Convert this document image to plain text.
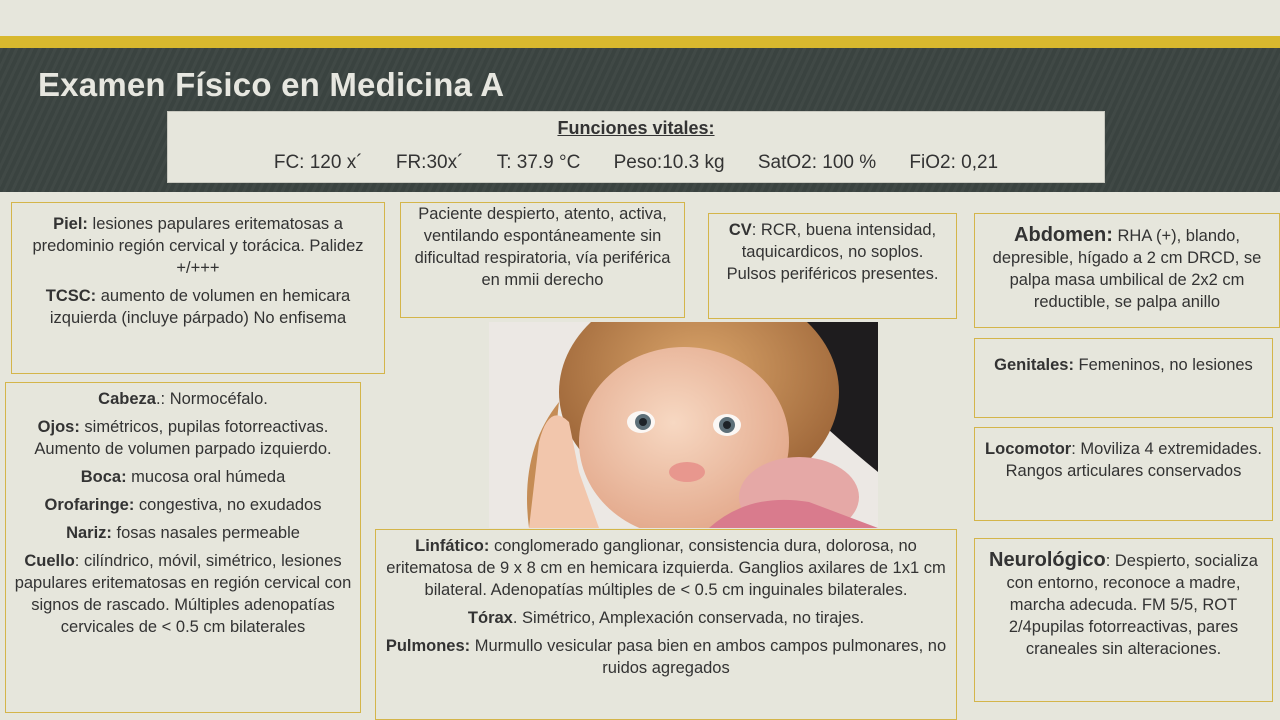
Examen Físico en Medicina A
Funciones vitales:
FC: 120 x´ FR:30x´ T: 37.9 °C Peso:10.3 kg SatO2: 100 % FiO2: 0,21

Piel: lesiones papulares eritematosas a predominio región cervical y torácica. Palidez +/+++

TCSC: aumento de volumen en hemicara izquierda (incluye párpado) No enfisema

Paciente despierto, atento, activa, ventilando espontáneamente sin dificultad respiratoria, vía periférica en mmii derecho

CV: RCR, buena intensidad, taquicardicos, no soplos. Pulsos periféricos presentes.

Abdomen: RHA (+), blando, depresible, hígado a 2 cm DRCD, se palpa masa umbilical de 2x2 cm reductible, se palpa anillo

Genitales: Femeninos, no lesiones

Cabeza.: Normocéfalo.

Ojos: simétricos, pupilas fotorreactivas. Aumento de volumen parpado izquierdo.

Boca: mucosa oral húmeda

Orofaringe: congestiva, no exudados

Nariz: fosas nasales permeable

Cuello: cilíndrico, móvil, simétrico, lesiones papulares eritematosas en región cervical con signos de rascado. Múltiples adenopatías cervicales de < 0.5 cm bilaterales

Locomotor: Moviliza 4 extremidades. Rangos articulares conservados

Linfático: conglomerado ganglionar, consistencia dura, dolorosa, no eritematosa de 9 x 8 cm en hemicara izquierda. Ganglios axilares de 1x1 cm bilateral. Adenopatías múltiples de < 0.5 cm inguinales bilaterales.

Tórax. Simétrico, Amplexación conservada, no tirajes.

Pulmones: Murmullo vesicular pasa bien en ambos campos pulmonares, no ruidos agregados

Neurológico: Despierto, socializa con entorno, reconoce a madre, marcha adecuda. FM 5/5, ROT 2/4pupilas fotorreactivas, pares craneales sin alteraciones.
